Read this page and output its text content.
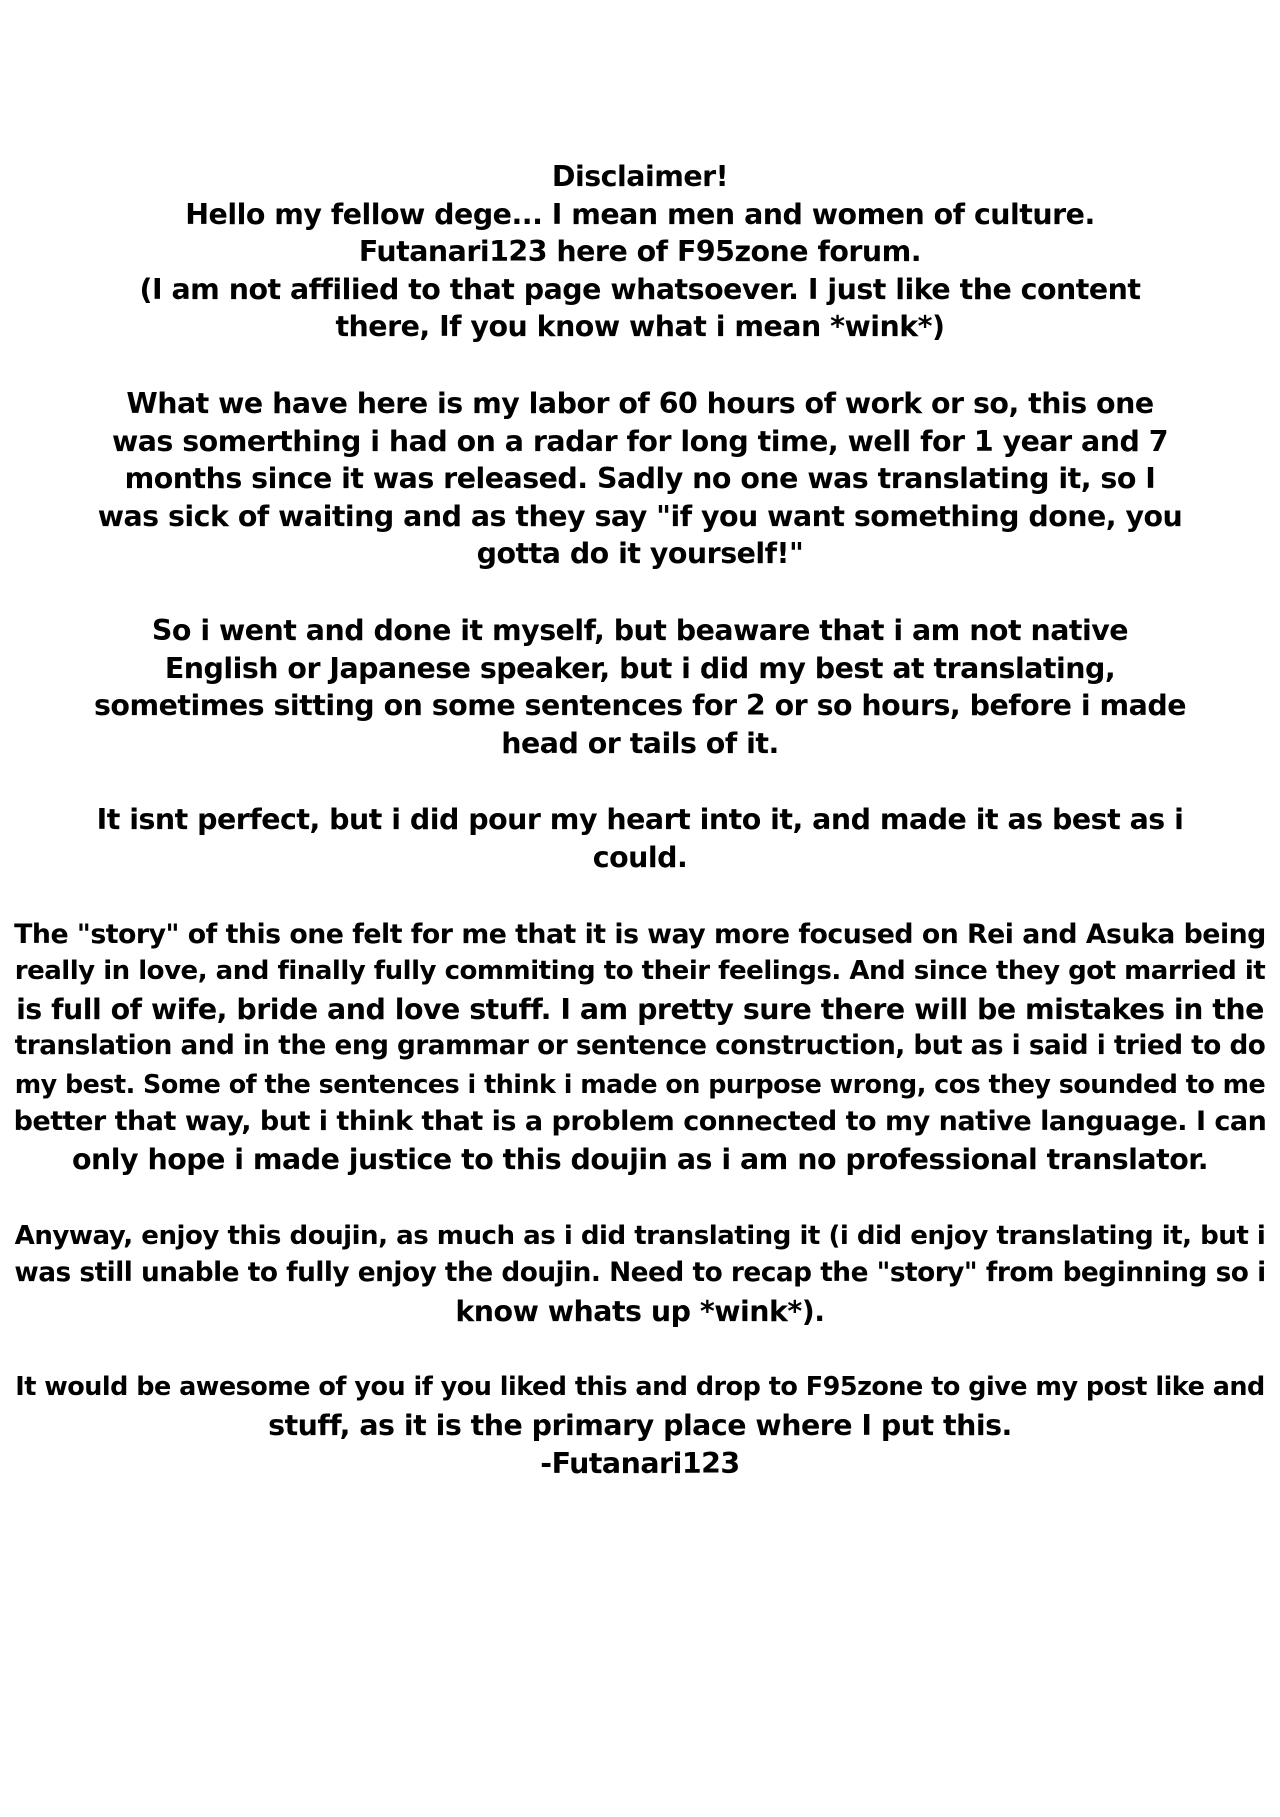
Disclaimer!
Hello my fellow dege... I mean men and women of culture.
Futanari123 here of F95zone forum.
(I am not affilied to that page whatsoever. I just like the content
there, If you know what i mean *wink*)

What we have here is my labor of 60 hours of work or so, this one
was somerthing i had on a radar for long time, well for 1 year and 7
months since it was released. Sadly no one was translating it, so I
was sick of waiting and as they say "if you want something done, you
gotta do it yourself!"

So i went and done it myself, but beaware that i am not native
English or Japanese speaker, but i did my best at translating,
sometimes sitting on some sentences for 2 or so hours, before i made
head or tails of it.

It isnt perfect, but i did pour my heart into it, and made it as best as i
could.

The "story" of this one felt for me that it is way more focused on Rei and Asuka being
really in love, and finally fully commiting to their feelings. And since they got married it
is full of wife, bride and love stuff. I am pretty sure there will be mistakes in the
translation and in the eng grammar or sentence construction, but as i said i tried to do
my best. Some of the sentences i think i made on purpose wrong, cos they sounded to me
better that way, but i think that is a problem connected to my native language. I can
only hope i made justice to this doujin as i am no professional translator.

Anyway, enjoy this doujin, as much as i did translating it (i did enjoy translating it, but i
was still unable to fully enjoy the doujin. Need to recap the "story" from beginning so i
know whats up *wink*).

It would be awesome of you if you liked this and drop to F95zone to give my post like and
stuff, as it is the primary place where I put this.
-Futanari123
